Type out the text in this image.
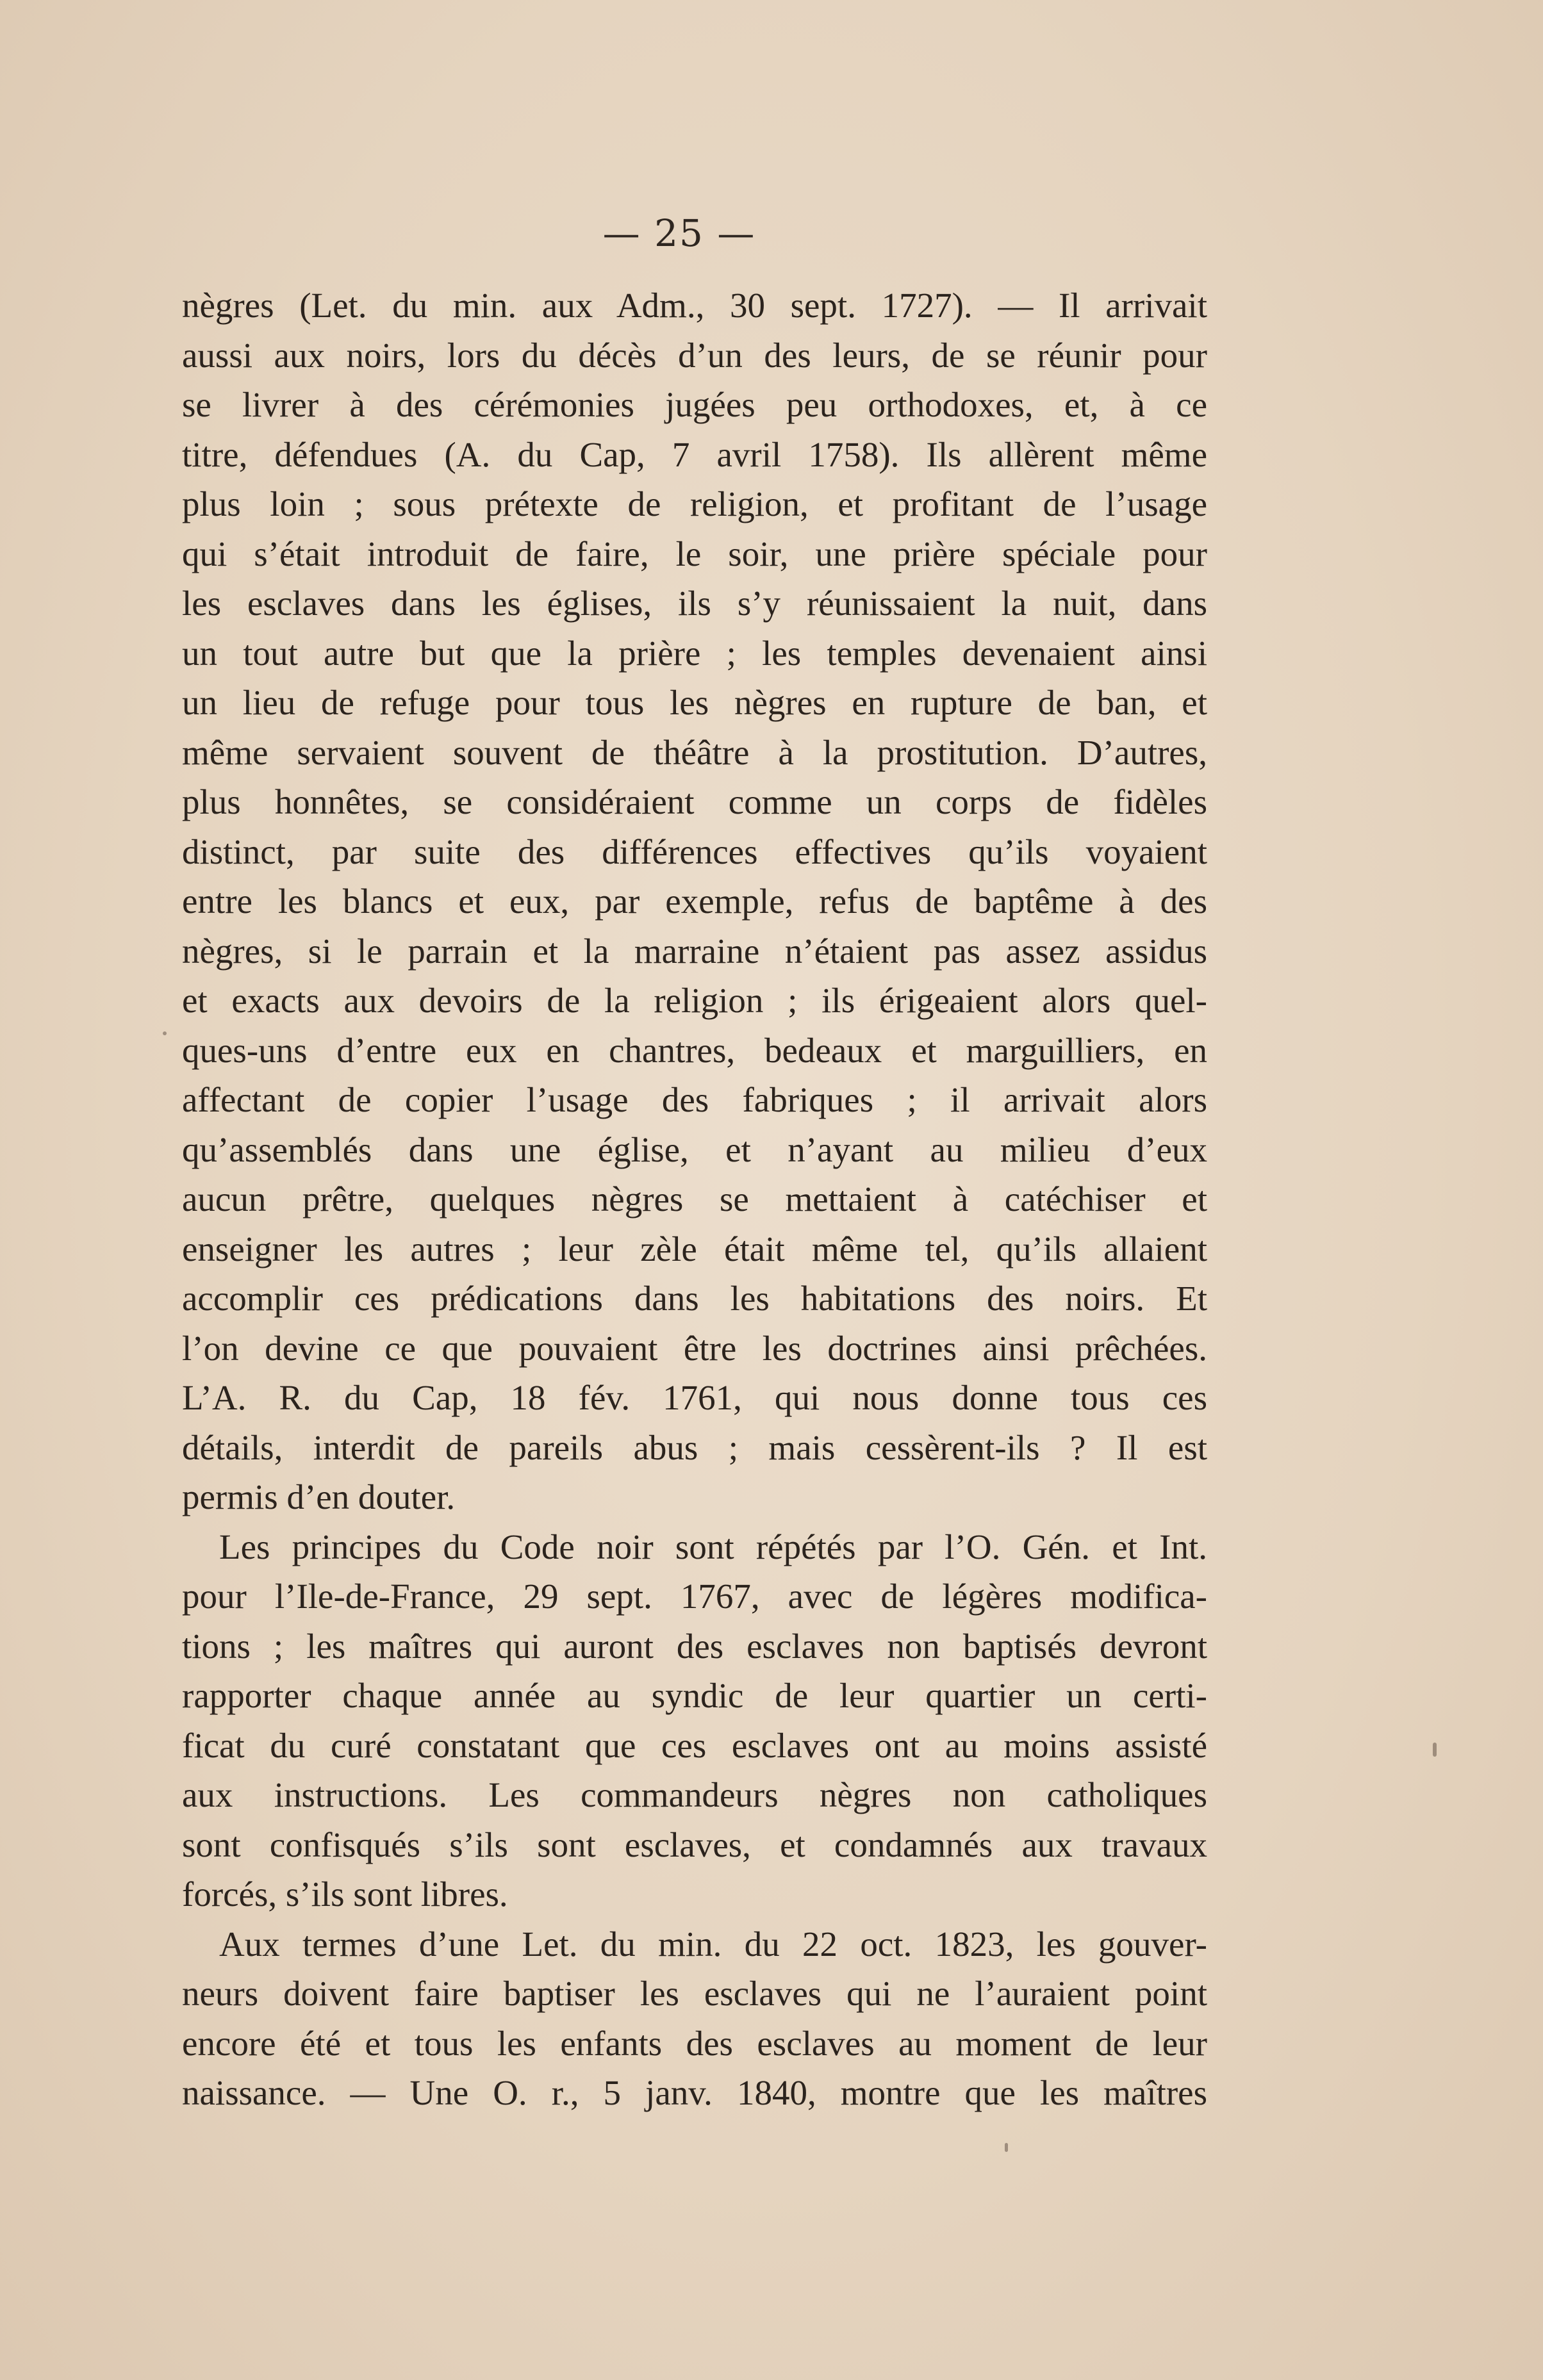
— 25 —
nègres (Let. du min. aux Adm., 30 sept. 1727). — Il arrivait
aussi aux noirs, lors du décès d’un des leurs, de se réunir pour
se livrer à des cérémonies jugées peu orthodoxes, et, à ce
titre, défendues (A. du Cap, 7 avril 1758). Ils allèrent même
plus loin ; sous prétexte de religion, et profitant de l’usage
qui s’était introduit de faire, le soir, une prière spéciale pour
les esclaves dans les églises, ils s’y réunissaient la nuit, dans
un tout autre but que la prière ; les temples devenaient ainsi
un lieu de refuge pour tous les nègres en rupture de ban, et
même servaient souvent de théâtre à la prostitution. D’autres,
plus honnêtes, se considéraient comme un corps de fidèles
distinct, par suite des différences effectives qu’ils voyaient
entre les blancs et eux, par exemple, refus de baptême à des
nègres, si le parrain et la marraine n’étaient pas assez assidus
et exacts aux devoirs de la religion ; ils érigeaient alors quel-
ques-uns d’entre eux en chantres, bedeaux et marguilliers, en
affectant de copier l’usage des fabriques ; il arrivait alors
qu’assemblés dans une église, et n’ayant au milieu d’eux
aucun prêtre, quelques nègres se mettaient à catéchiser et
enseigner les autres ; leur zèle était même tel, qu’ils allaient
accomplir ces prédications dans les habitations des noirs. Et
l’on devine ce que pouvaient être les doctrines ainsi prêchées.
L’A. R. du Cap, 18 fév. 1761, qui nous donne tous ces
détails, interdit de pareils abus ; mais cessèrent-ils ? Il est
permis d’en douter.
Les principes du Code noir sont répétés par l’O. Gén. et Int.
pour l’Ile-de-France, 29 sept. 1767, avec de légères modifica-
tions ; les maîtres qui auront des esclaves non baptisés devront
rapporter chaque année au syndic de leur quartier un certi-
ficat du curé constatant que ces esclaves ont au moins assisté
aux instructions. Les commandeurs nègres non catholiques
sont confisqués s’ils sont esclaves, et condamnés aux travaux
forcés, s’ils sont libres.
Aux termes d’une Let. du min. du 22 oct. 1823, les gouver-
neurs doivent faire baptiser les esclaves qui ne l’auraient point
encore été et tous les enfants des esclaves au moment de leur
naissance. — Une O. r., 5 janv. 1840, montre que les maîtres
